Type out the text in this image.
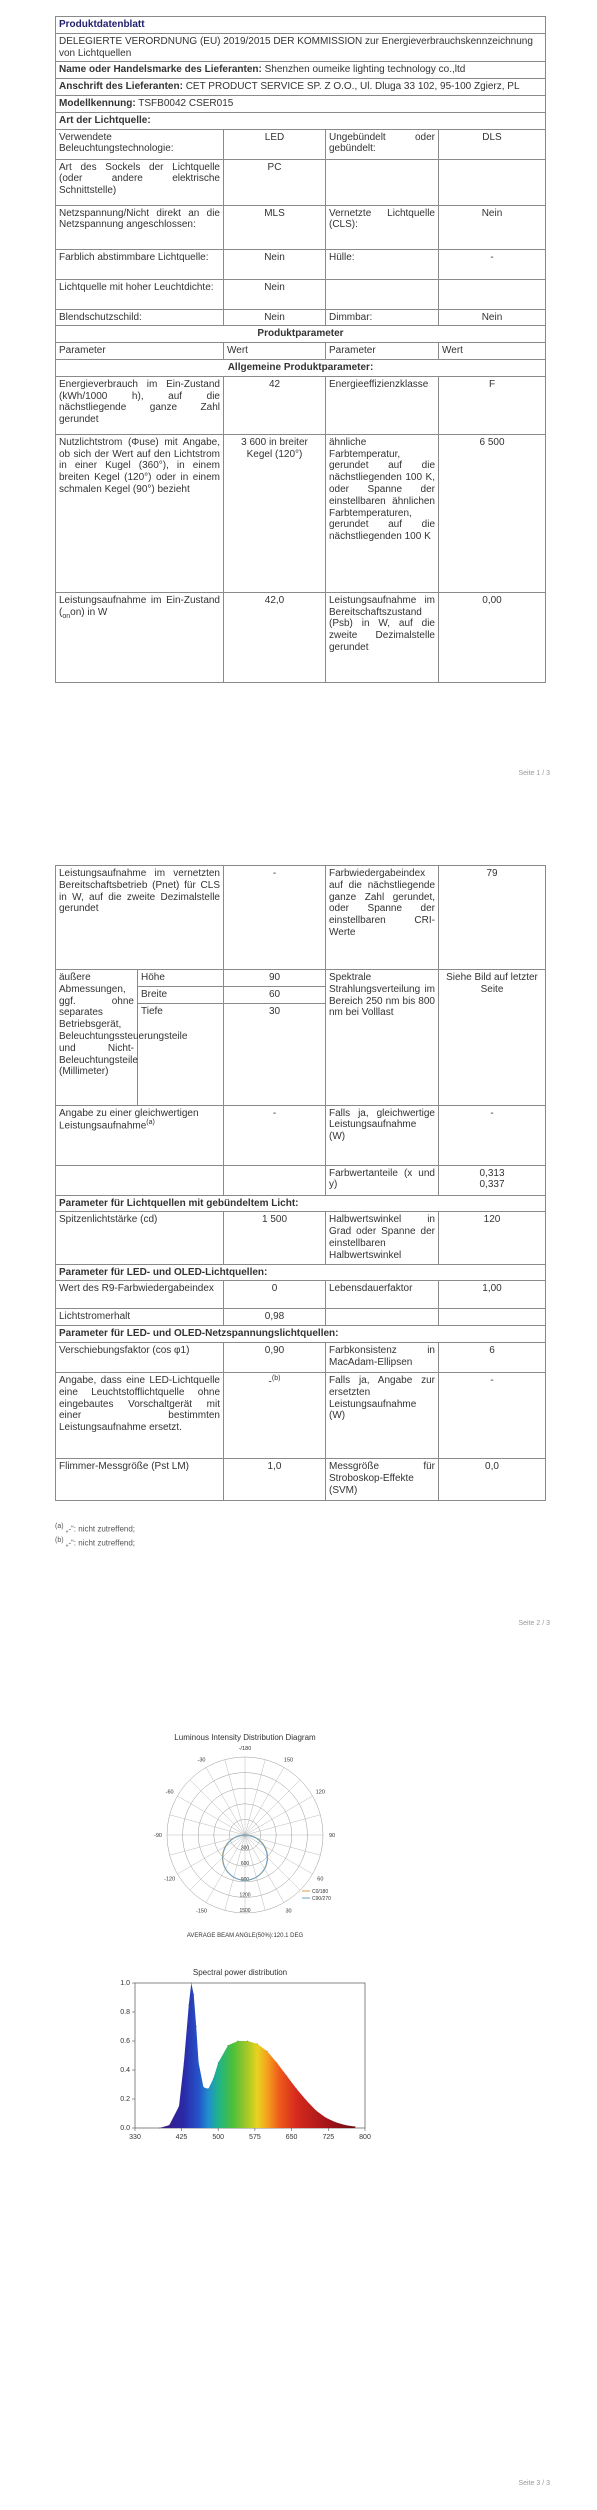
Produktdatenblatt			
DELEGIERTE VERORDNUNG (EU) 2019/2015 DER KOMMISSION zur Energieverbrauchskennzeichnung von Lichtquellen			
Name oder Handelsmarke des Lieferanten: Shenzhen oumeike lighting technology co.,ltd			
Anschrift des Lieferanten: CET PRODUCT SERVICE SP. Z O.O., Ul. Dluga 33 102, 95-100 Zgierz, PL			
Modellkennung: TSFB0042 CSER015			
Art der Lichtquelle:			
Verwendete Beleuchtungstechnologie:	LED	Ungebündelt oder gebündelt:	DLS
Art des Sockels der Lichtquelle (oder andere elektrische Schnittstelle)	PC		
Netzspannung/Nicht direkt an die Netzspannung angeschlossen:	MLS	Vernetzte Lichtquelle (CLS):	Nein
Farblich abstimmbare Lichtquelle:	Nein	Hülle:	-
Lichtquelle mit hoher Leuchtdichte:	Nein		
Blendschutzschild:	Nein	Dimmbar:	Nein
Produktparameter			
Parameter	Wert	Parameter	Wert
Allgemeine Produktparameter:			
Energieverbrauch im Ein-Zustand (kWh/1000 h), auf die nächstliegende ganze Zahl gerundet	42	Energieeffizienzklasse	F
Nutzlichtstrom (Φuse) mit Angabe, ob sich der Wert auf den Lichtstrom in einer Kugel (360°), in einem breiten Kegel (120°) oder in einem schmalen Kegel (90°) bezieht	3 600 in breiter Kegel (120°)	ähnliche Farbtemperatur, gerundet auf die nächstliegenden 100 K, oder Spanne der einstellbaren ähnlichen Farbtemperaturen, gerundet auf die nächstliegenden 100 K	6 500
Leistungsaufnahme im Ein-Zustand $(_{on}on)$ in W	42,0	Leistungsaufnahme im Bereitschaftszustand (Psb) in W, auf die zweite Dezimalstelle gerundet	0,00
Seite 1 / 3
Leistungsaufnahme im vernetzten Bereitschaftsbetrieb (Pnet) für CLS in W, auf die zweite Dezimalstelle gerundet		-	Farbwiedergabeindex auf die nächstliegende ganze Zahl gerundet, oder Spanne der einstellbaren CRI-Werte	79
äußere Abmessungen, ggf. ohne separates Betriebsgerät, Beleuchtungssteuerungsteile und Nicht-Beleuchtungsteile (Millimeter)	Höhe	90	Spektrale Strahlungsverteilung im Bereich 250 nm bis 800 nm bei Volllast	Siehe Bild auf letzter Seite
	Breite	60		
	Tiefe	30		
Angabe zu einer gleichwertigen Leistungsaufnahme$^{(a)}$		-	Falls ja, gleichwertige Leistungsaufnahme (W)	-
			Farbwertanteile (x und y)	0,313
0,337

Parameter für Lichtquellen mit gebündeltem Licht:				
Spitzenlichtstärke (cd)		1 500	Halbwertswinkel in Grad oder Spanne der einstellbaren Halbwertswinkel	120
Parameter für LED- und OLED-Lichtquellen:				
Wert des R9-Farbwiedergabeindex		0	Lebensdauerfaktor	1,00
Lichtstromerhalt		0,98		
Parameter für LED- und OLED-Netzspannungslichtquellen:				
Verschiebungsfaktor (cos φ1)		0,90	Farbkonsistenz in MacAdam-Ellipsen	6
Angabe, dass eine LED-Lichtquelle eine Leuchtstofflichtquelle ohne eingebautes Vorschaltgerät mit einer bestimmten Leistungsaufnahme ersetzt.		-$^{(b)}$	Falls ja, Angabe zur ersetzten Leistungsaufnahme (W)	-
Flimmer-Messgröße (Pst LM)		1,0	Messgröße für Stroboskop-Effekte (SVM)	0,0
$^{(a)}$ „-“: nicht zutreffend;
$^{(b)}$ „-“: nicht zutreffend;
Seite 2 / 3
Luminous Intensity Distribution Diagram
-/180
150
120
90
60
30
-30
-60
-90
-120
-150	1500
1200
900
600
300
C0/180
C90/270
AVERAGE BEAM ANGLE(50%):120.1 DEG
Spectral power distribution
0.0
0.2
0.4
0.6
0.8
1.0
330	425	500	575	650	725	800
Seite 3 / 3
